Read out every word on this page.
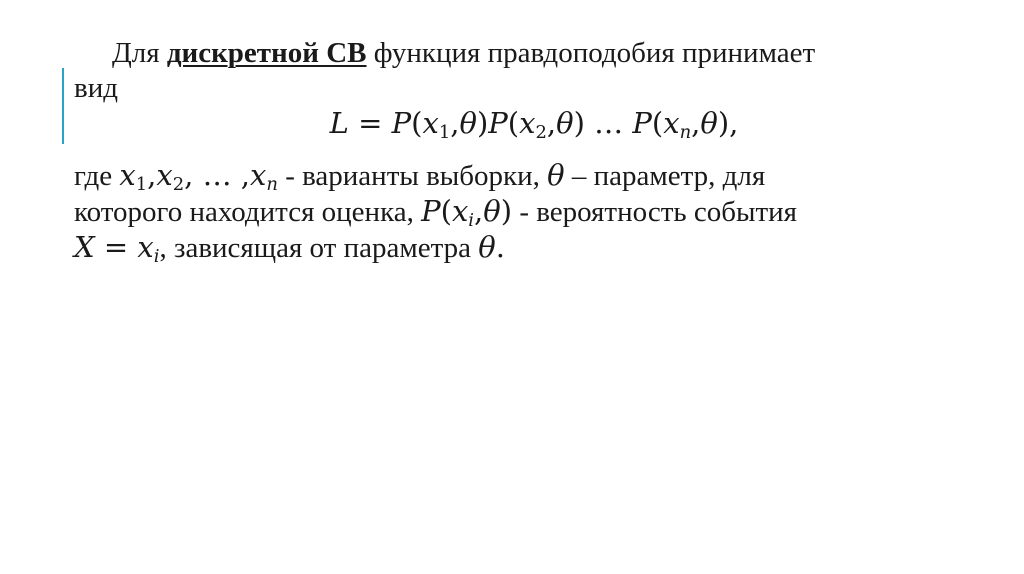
Для дискретной СВ функция правдоподобия принимает
вид
$L = P(x_1,\theta)P(x_2,\theta)$ … $P(x_n,\theta)$,
где $x_1,x_2$, … $,x_n$ - варианты выборки, θ – параметр, для
которого находится оценка, $P(x_i,\theta)$ - вероятность события
$X = x_i$, зависящая от параметра θ.
